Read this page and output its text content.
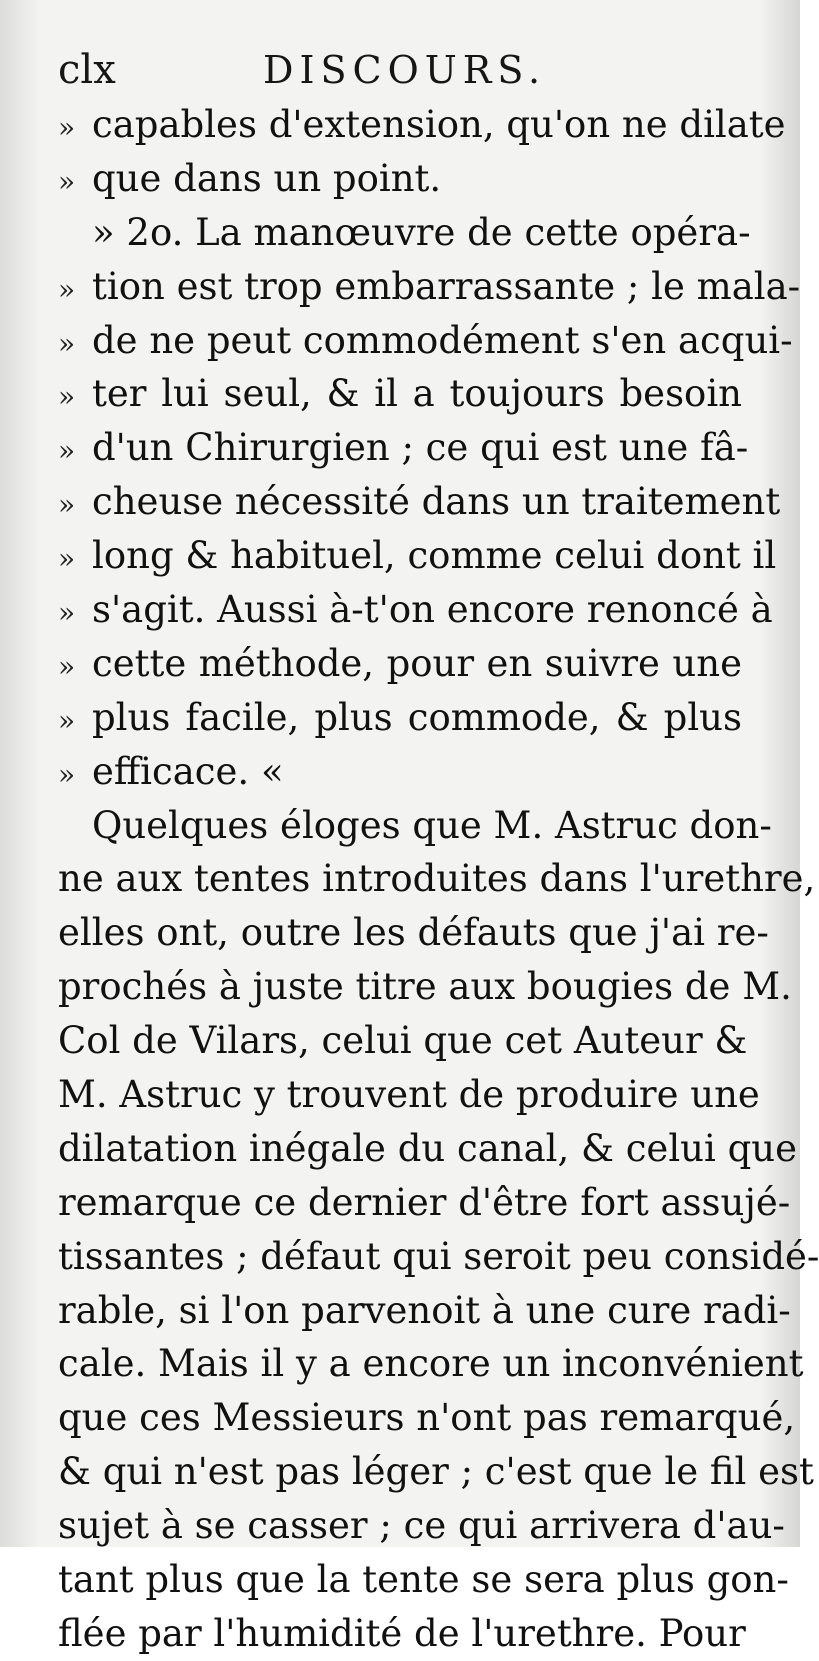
clx	DISCOURS.
» capables d'extension, qu'on ne dilate
» que dans un point.
» 2o. La manœuvre de cette opéra-
» tion est trop embarrassante ; le mala-
» de ne peut commodément s'en acqui-
» ter lui seul, & il a toujours besoin
» d'un Chirurgien ; ce qui est une fâ-
» cheuse nécessité dans un traitement
» long & habituel, comme celui dont il
» s'agit. Aussi à-t'on encore renoncé à
» cette méthode, pour en suivre une
» plus facile, plus commode, & plus
» efficace. «
Quelques éloges que M. Astruc don-
ne aux tentes introduites dans l'urethre,
elles ont, outre les défauts que j'ai re-
prochés à juste titre aux bougies de M.
Col de Vilars, celui que cet Auteur &
M. Astruc y trouvent de produire une
dilatation inégale du canal, & celui que
remarque ce dernier d'être fort assujé-
tissantes ; défaut qui seroit peu considé-
rable, si l'on parvenoit à une cure radi-
cale. Mais il y a encore un inconvénient
que ces Messieurs n'ont pas remarqué,
& qui n'est pas léger ; c'est que le fil est
sujet à se casser ; ce qui arrivera d'au-
tant plus que la tente se sera plus gon-
flée par l'humidité de l'urethre. Pour
